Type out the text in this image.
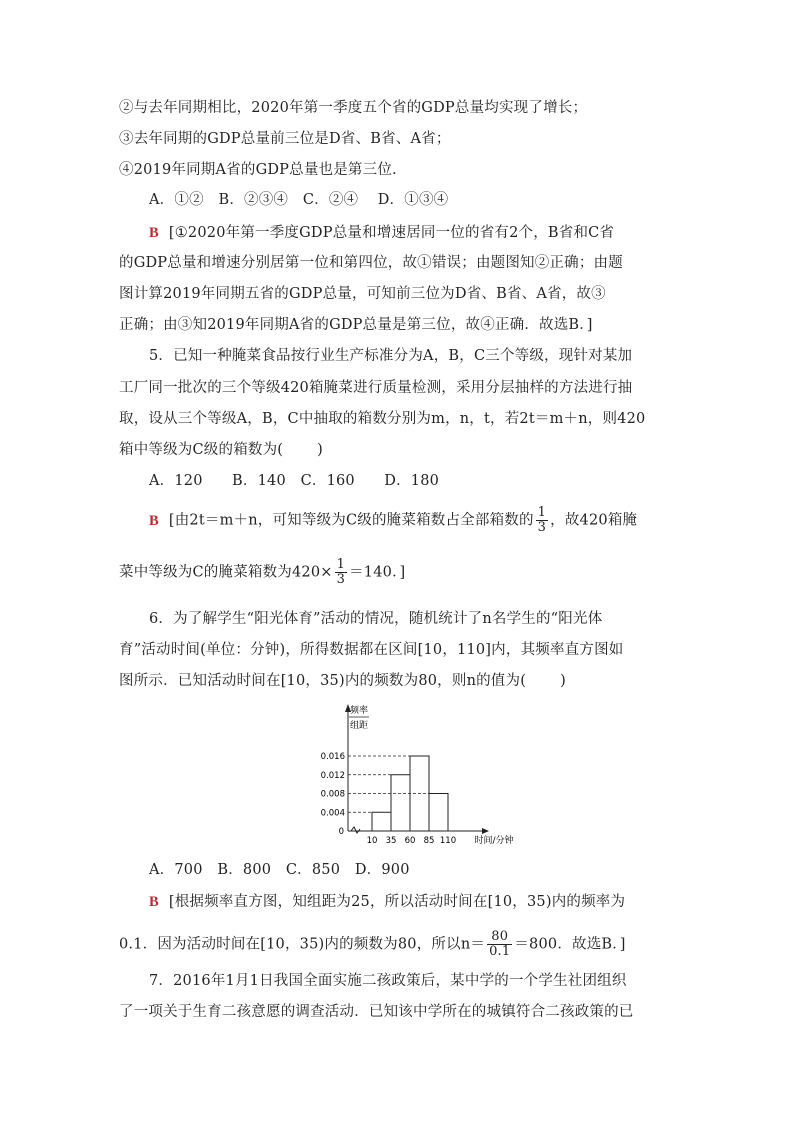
②与去年同期相比，2020年第一季度五个省的GDP总量均实现了增长；
③去年同期的GDP总量前三位是D省、B省、A省；
④2019年同期A省的GDP总量也是第三位.
A．①②　B．②③④　C．②④　 D．①③④
B [①2020年第一季度GDP总量和增速居同一位的省有2个，B省和C省
的GDP总量和增速分别居第一位和第四位，故①错误；由题图知②正确；由题
图计算2019年同期五省的GDP总量，可知前三位为D省、B省、A省，故③
正确；由③知2019年同期A省的GDP总量是第三位，故④正确．故选B．]
5．已知一种腌菜食品按行业生产标准分为A，B，C三个等级，现针对某加
工厂同一批次的三个等级420箱腌菜进行质量检测，采用分层抽样的方法进行抽
取，设从三个等级A，B，C中抽取的箱数分别为m，n，t，若2t＝m＋n，则420
箱中等级为C级的箱数为( )
A．120　　B．140　C．160　　D．180
B [由2t＝m＋n，可知等级为C级的腌菜箱数占全部箱数的 $\frac{1}{3}$ ，故420箱腌
菜中等级为C的腌菜箱数为$420\times \frac{1}{3} =140$．]
6．为了解学生“阳光体育”活动的情况，随机统计了n名学生的“阳光体
育”活动时间(单位：分钟)，所得数据都在区间[10，110]内，其频率直方图如
图所示．已知活动时间在[10，35)内的频数为80，则n的值为( )
频率
组距
0.004
0.008
0.012
0.016
0
10 35 60 85 110 时间/分钟
A．700　B．800　C．850　D．900
B [根据频率直方图，知组距为25，所以活动时间在[10，35)内的频率为
0.1．因为活动时间在[10，35)内的频数为80，所以$n= \frac{80}{0.1} =800$．故选B．]
7．2016年1月1日我国全面实施二孩政策后，某中学的一个学生社团组织
了一项关于生育二孩意愿的调查活动．已知该中学所在的城镇符合二孩政策的已
